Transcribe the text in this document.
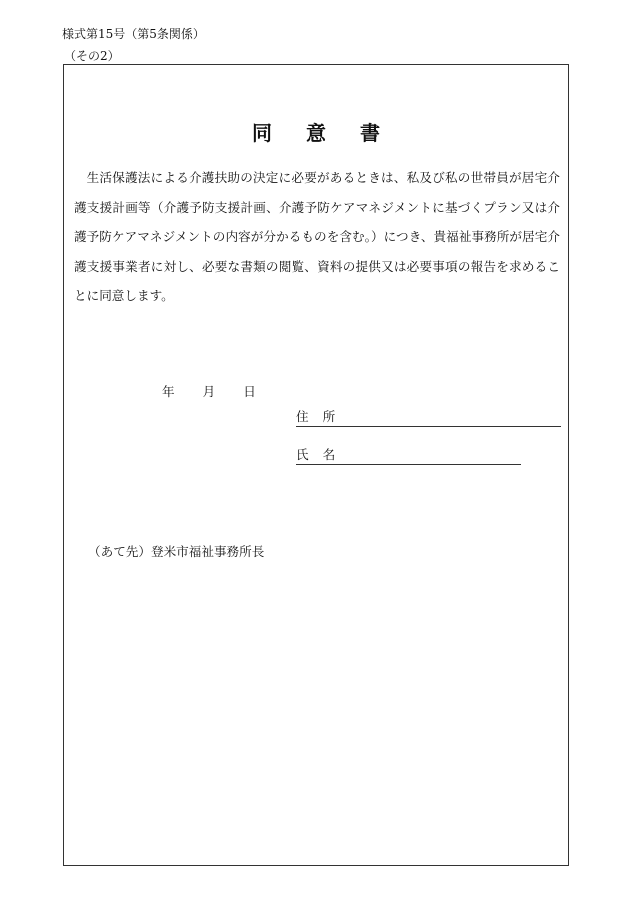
様式第15号（第5条関係）
（その2）
同意書

生活保護法による介護扶助の決定に必要があるときは、私及び私の世帯員が居宅介護支援計画等（介護予防支援計画、介護予防ケアマネジメントに基づくプラン又は介護予防ケアマネジメントの内容が分かるものを含む。）につき、貴福祉事務所が居宅介護支援事業者に対し、必要な書類の閲覧、資料の提供又は必要事項の報告を求めることに同意します。

年 月 日
住所
氏名
（あて先）登米市福祉事務所長
